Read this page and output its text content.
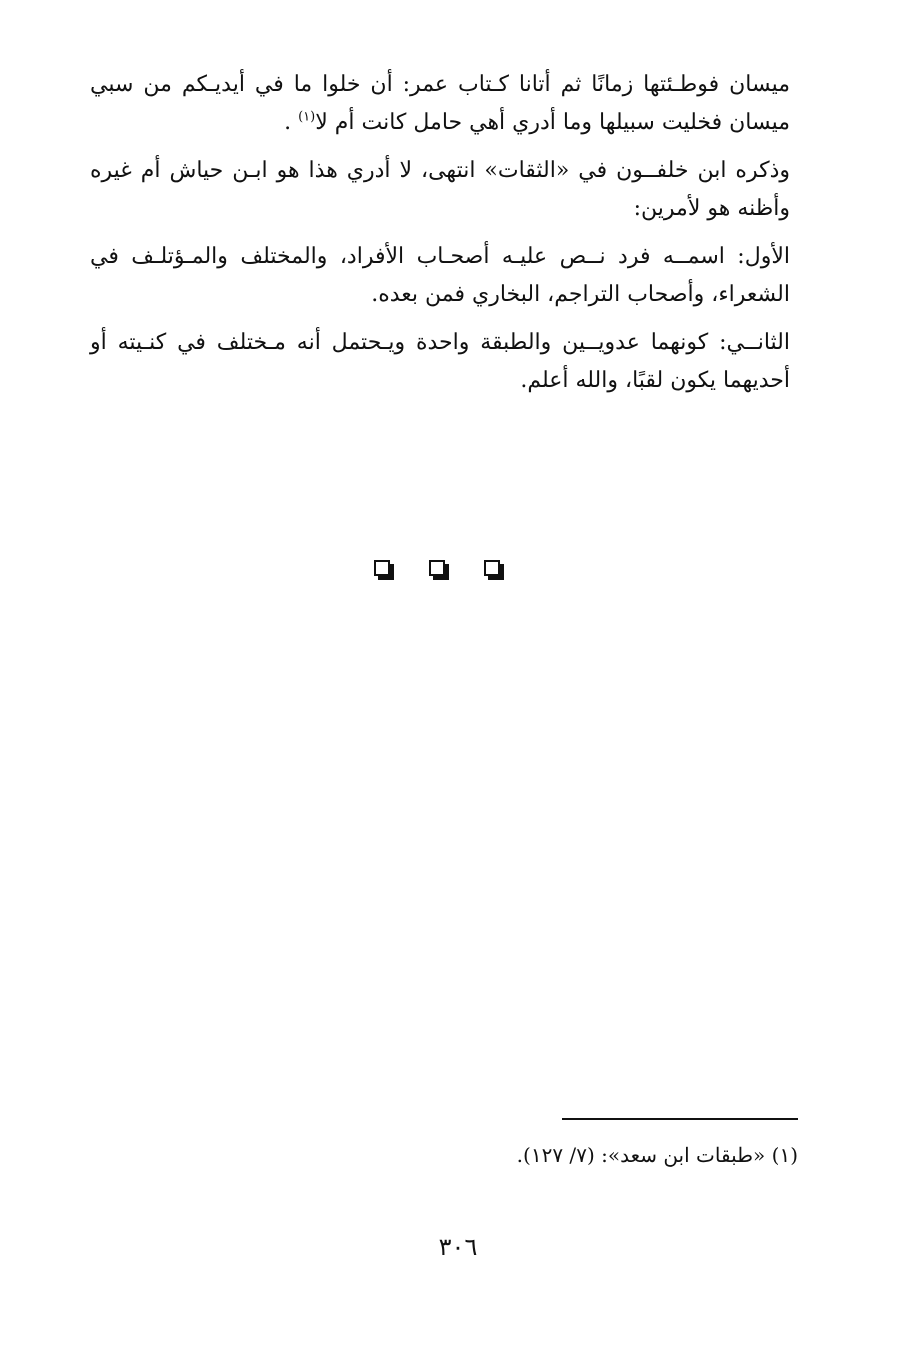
ميسان فوطـئتها زمانًا ثم أتانا كـتاب عمر: أن خلوا ما في أيديـكم من سبي
ميسان فخليت سبيلها وما أدري أهي حامل كانت أم لا$^{(١)}$ .

وذكره ابن خلفــون في «الثقات» انتهى، لا أدري هذا هو ابـن حياش أم غيره
وأظنه هو لأمرين:

الأول: اسمــه فرد نــص عليـه أصحـاب الأفراد، والمختلف والمـؤتلـف في
الشعراء، وأصحاب التراجم، البخاري فمن بعده.

الثانــي: كونهما عدويــين والطبقة واحدة ويـحتمل أنه مـختلف في كنـيته أو
أحديهما يكون لقبًا، والله أعلم.

(١) «طبقات ابن سعد»: (٧/ ١٢٧).
٣٠٦
